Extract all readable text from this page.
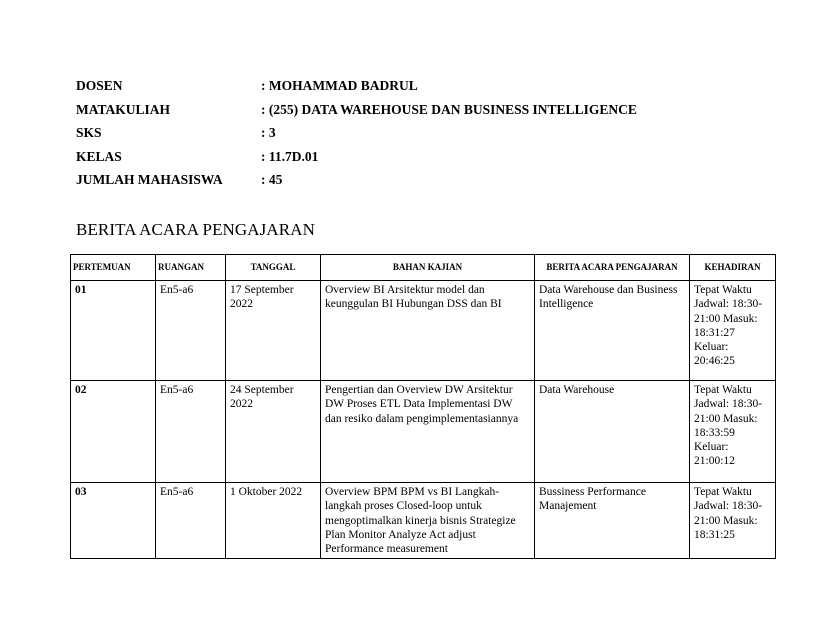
DOSEN	: MOHAMMAD BADRUL
MATAKULIAH	: (255) DATA WAREHOUSE DAN BUSINESS INTELLIGENCE
SKS	: 3
KELAS	: 11.7D.01
JUMLAH MAHASISWA	: 45
BERITA ACARA PENGAJARAN
PERTEMUAN	RUANGAN	TANGGAL	BAHAN KAJIAN	BERITA ACARA PENGAJARAN	KEHADIRAN
01	En5-a6	17 September 2022	Overview BI Arsitektur model dan keunggulan BI Hubungan DSS dan BI	Data Warehouse dan Business Intelligence	Tepat Waktu Jadwal: 18:30-21:00 Masuk: 18:31:27 Keluar: 20:46:25
02	En5-a6	24 September 2022	Pengertian dan Overview DW Arsitektur DW Proses ETL Data Implementasi DW dan resiko dalam pengimplementasiannya	Data Warehouse	Tepat Waktu Jadwal: 18:30-21:00 Masuk: 18:33:59 Keluar: 21:00:12
03	En5-a6	1 Oktober 2022	Overview BPM BPM vs BI Langkah-langkah proses Closed-loop untuk mengoptimalkan kinerja bisnis Strategize Plan Monitor Analyze Act adjust Performance measurement	Bussiness Performance Manajement	Tepat Waktu Jadwal: 18:30-21:00 Masuk: 18:31:25
